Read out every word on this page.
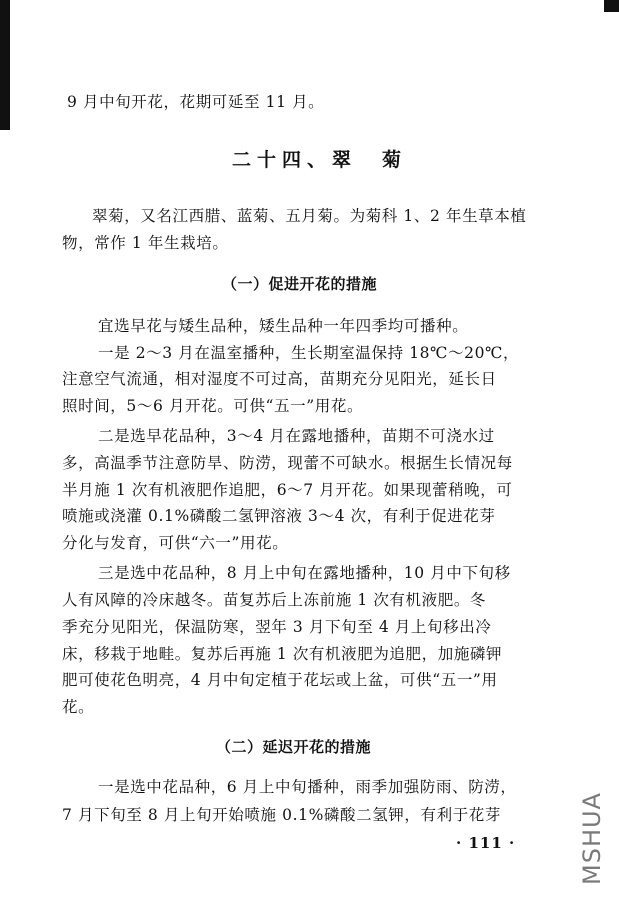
9 月中旬开花，花期可延至 11 月。
二十四、翠　菊
翠菊，又名江西腊、蓝菊、五月菊。为菊科 1、2 年生草本植
物，常作 1 年生栽培。
（一）促进开花的措施
宜选早花与矮生品种，矮生品种一年四季均可播种。
一是 2～3 月在温室播种，生长期室温保持 18℃～20℃，
注意空气流通，相对湿度不可过高，苗期充分见阳光，延长日
照时间，5～6 月开花。可供“五一”用花。
二是选早花品种，3～4 月在露地播种，苗期不可浇水过
多，高温季节注意防旱、防涝，现蕾不可缺水。根据生长情况每
半月施 1 次有机液肥作追肥，6～7 月开花。如果现蕾稍晚，可
喷施或浇灌 0.1%磷酸二氢钾溶液 3～4 次，有利于促进花芽
分化与发育，可供“六一”用花。
三是选中花品种，8 月上中旬在露地播种，10 月中下旬移
人有风障的冷床越冬。苗复苏后上冻前施 1 次有机液肥。冬
季充分见阳光，保温防寒，翌年 3 月下旬至 4 月上旬移出冷
床，移栽于地畦。复苏后再施 1 次有机液肥为追肥，加施磷钾
肥可使花色明亮，4 月中旬定植于花坛或上盆，可供“五一”用
花。
（二）延迟开花的措施
一是选中花品种，6 月上中旬播种，雨季加强防雨、防涝，
7 月下旬至 8 月上旬开始喷施 0.1%磷酸二氢钾，有利于花芽
· 111 ·	MSHUA
